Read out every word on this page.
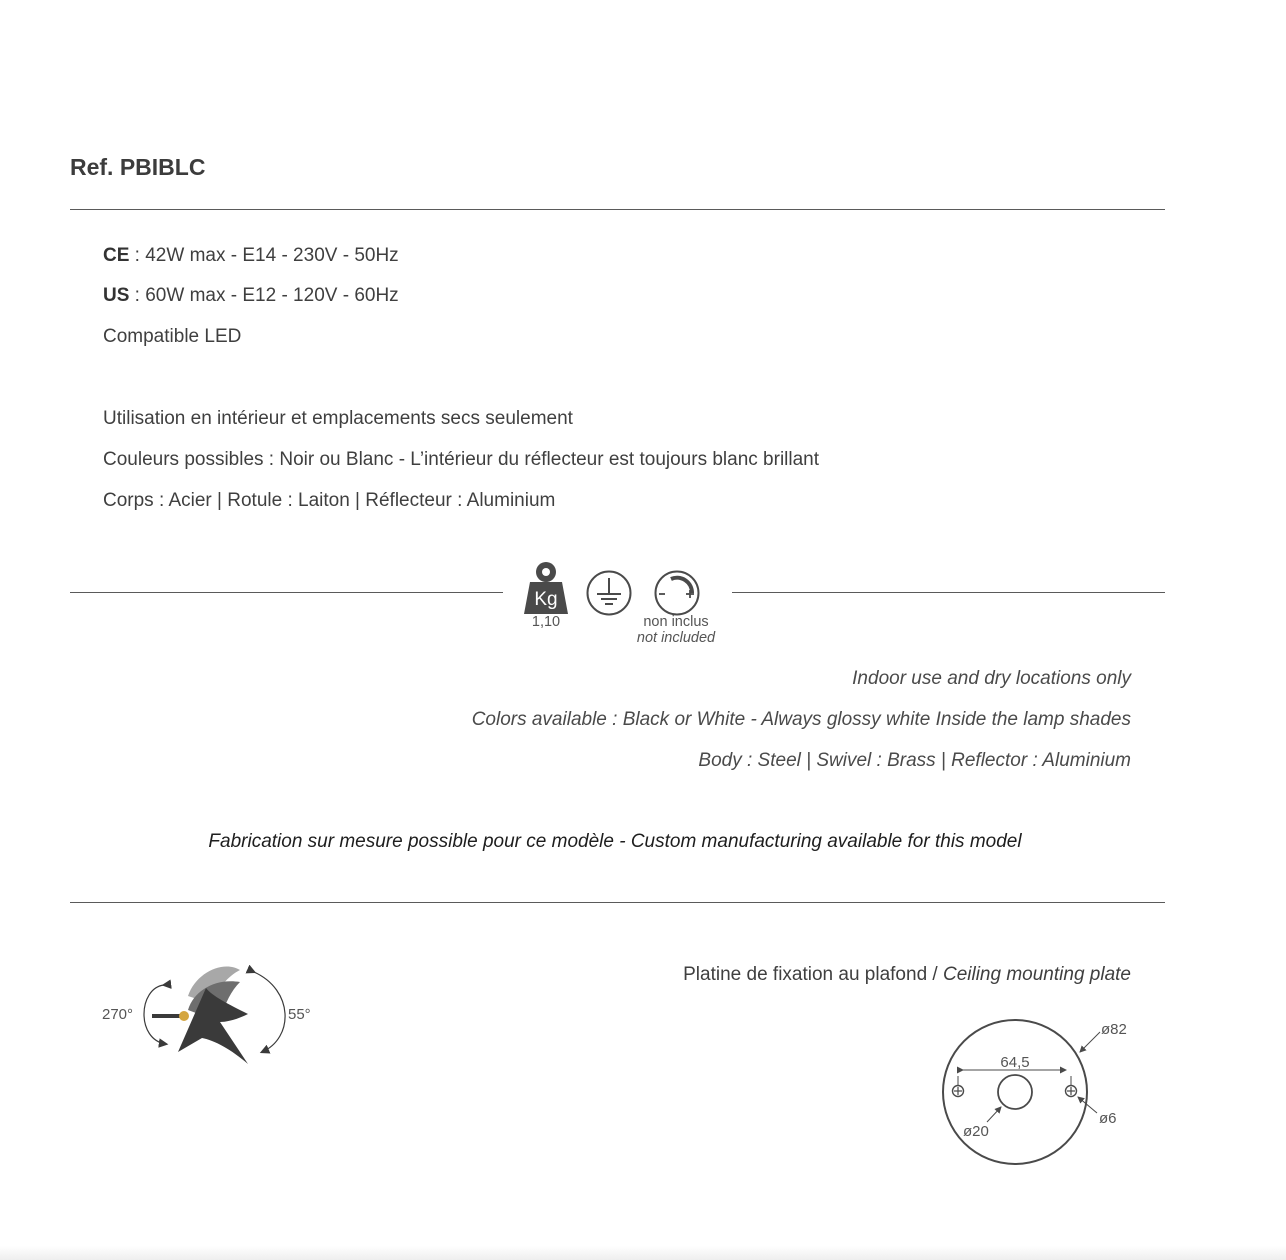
Ref. PBIBLC
CE : 42W max - E14 - 230V - 50Hz
US : 60W max - E12 - 120V - 60Hz
Compatible LED
Utilisation en intérieur et emplacements secs seulement
Couleurs possibles : Noir ou Blanc - L’intérieur du réflecteur est toujours blanc brillant
Corps : Acier | Rotule : Laiton | Réflecteur : Aluminium
Kg
1,10	non inclus
not included
Indoor use and dry locations only
Colors available : Black or White - Always glossy white Inside the lamp shades
Body : Steel | Swivel : Brass | Reflector : Aluminium
Fabrication sur mesure possible pour ce modèle - Custom manufacturing available for this model
270°	55°
Platine de fixation au plafond / Ceiling mounting plate
64,5
ø82
ø6
ø20
